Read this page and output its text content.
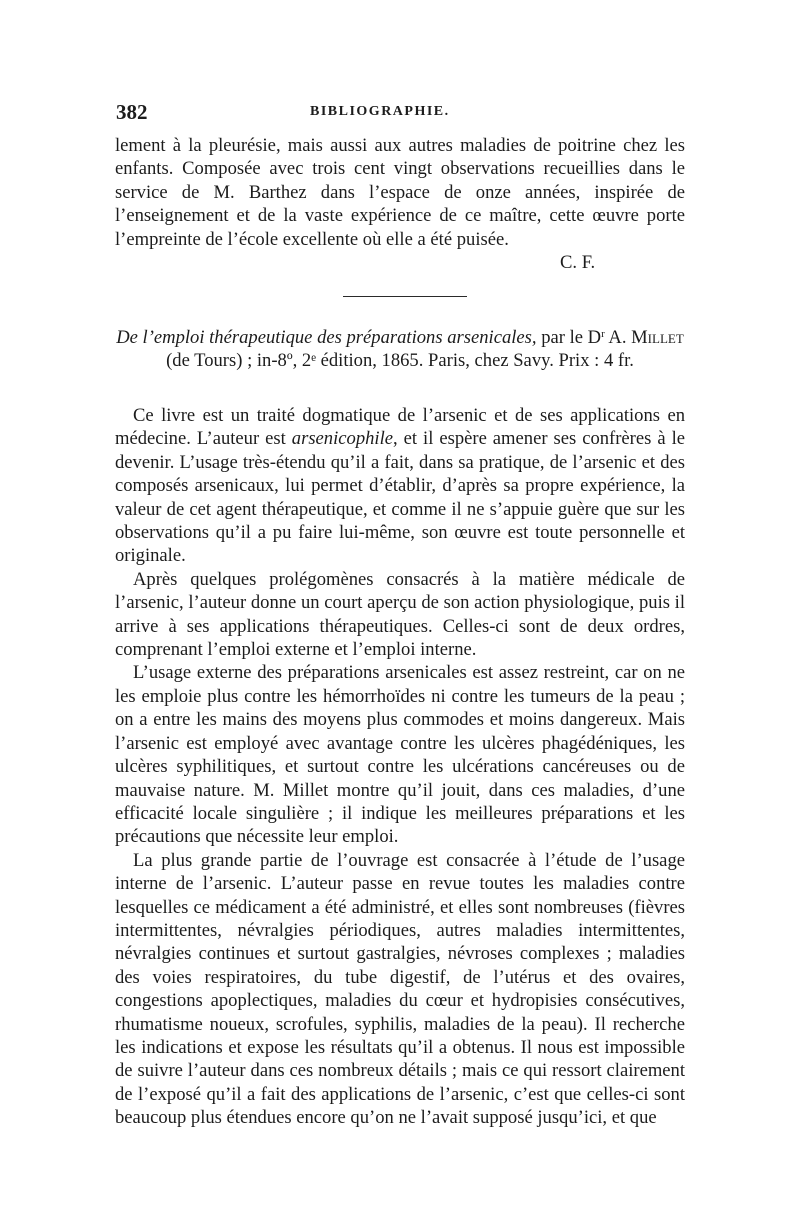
382	BIBLIOGRAPHIE.

lement à la pleurésie, mais aussi aux autres maladies de poitrine chez les enfants. Composée avec trois cent vingt observations recueillies dans le service de M. Barthez dans l’espace de onze années, inspirée de l’enseignement et de la vaste expérience de ce maître, cette œuvre porte l’empreinte de l’école excellente où elle a été puisée.

C. F.
De l’emploi thérapeutique des préparations arsenicales, par le $D^r$ A. Millet (de Tours) ; in-8º, 2ᵉ édition, 1865. Paris, chez Savy. Prix : 4 fr.

Ce livre est un traité dogmatique de l’arsenic et de ses applications en médecine. L’auteur est arsenicophile, et il espère amener ses confrères à le devenir. L’usage très-étendu qu’il a fait, dans sa pratique, de l’arsenic et des composés arsenicaux, lui permet d’établir, d’après sa propre expérience, la valeur de cet agent thérapeutique, et comme il ne s’appuie guère que sur les observations qu’il a pu faire lui-même, son œuvre est toute personnelle et originale.

Après quelques prolégomènes consacrés à la matière médicale de l’arsenic, l’auteur donne un court aperçu de son action physiologique, puis il arrive à ses applications thérapeutiques. Celles-ci sont de deux ordres, comprenant l’emploi externe et l’emploi interne.

L’usage externe des préparations arsenicales est assez restreint, car on ne les emploie plus contre les hémorrhoïdes ni contre les tumeurs de la peau ; on a entre les mains des moyens plus commodes et moins dangereux. Mais l’arsenic est employé avec avantage contre les ulcères phagédéniques, les ulcères syphilitiques, et surtout contre les ulcérations cancéreuses ou de mauvaise nature. M. Millet montre qu’il jouit, dans ces maladies, d’une efficacité locale singulière ; il indique les meilleures préparations et les précautions que nécessite leur emploi.

La plus grande partie de l’ouvrage est consacrée à l’étude de l’usage interne de l’arsenic. L’auteur passe en revue toutes les maladies contre lesquelles ce médicament a été administré, et elles sont nombreuses (fièvres intermittentes, névralgies périodiques, autres maladies intermittentes, névralgies continues et surtout gastralgies, névroses complexes ; maladies des voies respiratoires, du tube digestif, de l’utérus et des ovaires, congestions apoplectiques, maladies du cœur et hydropisies consécutives, rhumatisme noueux, scrofules, syphilis, maladies de la peau). Il recherche les indications et expose les résultats qu’il a obtenus. Il nous est impossible de suivre l’auteur dans ces nombreux détails ; mais ce qui ressort clairement de l’exposé qu’il a fait des applications de l’arsenic, c’est que celles-ci sont beaucoup plus étendues encore qu’on ne l’avait supposé jusqu’ici, et que
